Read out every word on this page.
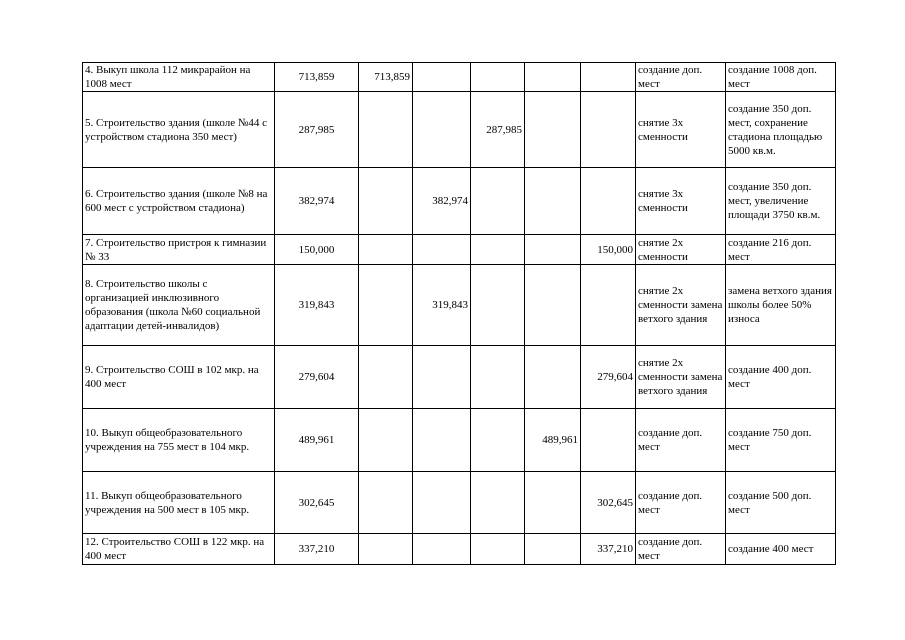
4. Выкуп школа 112 микрарайон на 1008 мест	713,859	713,859					создание доп. мест	создание 1008 доп. мест
5. Строительство здания (школе №44 с устройством стадиона 350 мест)	287,985			287,985			снятие 3х сменности	создание 350 доп. мест, сохранение стадиона площадью 5000 кв.м.
6. Строительство здания (школе №8 на 600 мест с устройством стадиона)	382,974		382,974				снятие 3х сменности	создание 350 доп. мест, увеличение площади 3750 кв.м.
7. Строительство пристроя к гимназии № 33	150,000					150,000	снятие 2х сменности	создание 216 доп. мест
8. Строительство школы с организацией инклюзивного образования (школа №60 социальной адаптации детей-инвалидов)	319,843		319,843				снятие 2х сменности замена ветхого здания	замена ветхого здания школы более 50% износа
9. Строительство СОШ в 102 мкр. на 400 мест	279,604					279,604	снятие 2х сменности замена ветхого здания	создание 400 доп. мест
10. Выкуп общеобразовательного учреждения на 755 мест в 104 мкр.	489,961				489,961		создание доп. мест	создание 750 доп. мест
11. Выкуп общеобразовательного учреждения на 500 мест в 105 мкр.	302,645					302,645	создание доп. мест	создание 500 доп. мест
12. Строительство СОШ в 122 мкр. на 400 мест	337,210					337,210	создание доп. мест	создание 400 мест
